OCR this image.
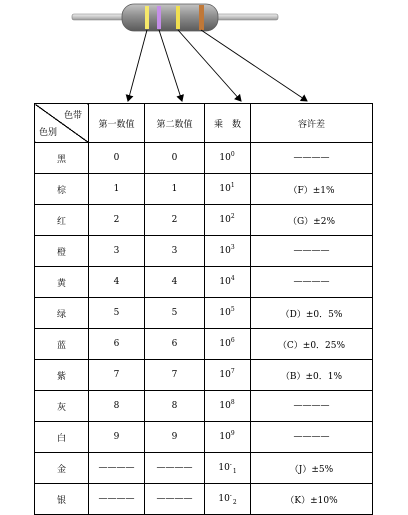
色带
色别	第一数值	第二数值	乘　数	容许差
黑	0	0	$10^0$	————
棕	1	1	$10^1$	（F）±1%
红	2	2	$10^2$	（G）±2%
橙	3	3	$10^3$	————
黄	4	4	$10^4$	————
绿	5	5	$10^5$	（D）±0．5%
蓝	6	6	$10^6$	（C）±0．25%
紫	7	7	$10^7$	（B）±0．1%
灰	8	8	$10^8$	————
白	9	9	$10^9$	————
金	————	————	$10^-_1$	（J）±5%
银	————	————	$10^-_2$	（K）±10%
